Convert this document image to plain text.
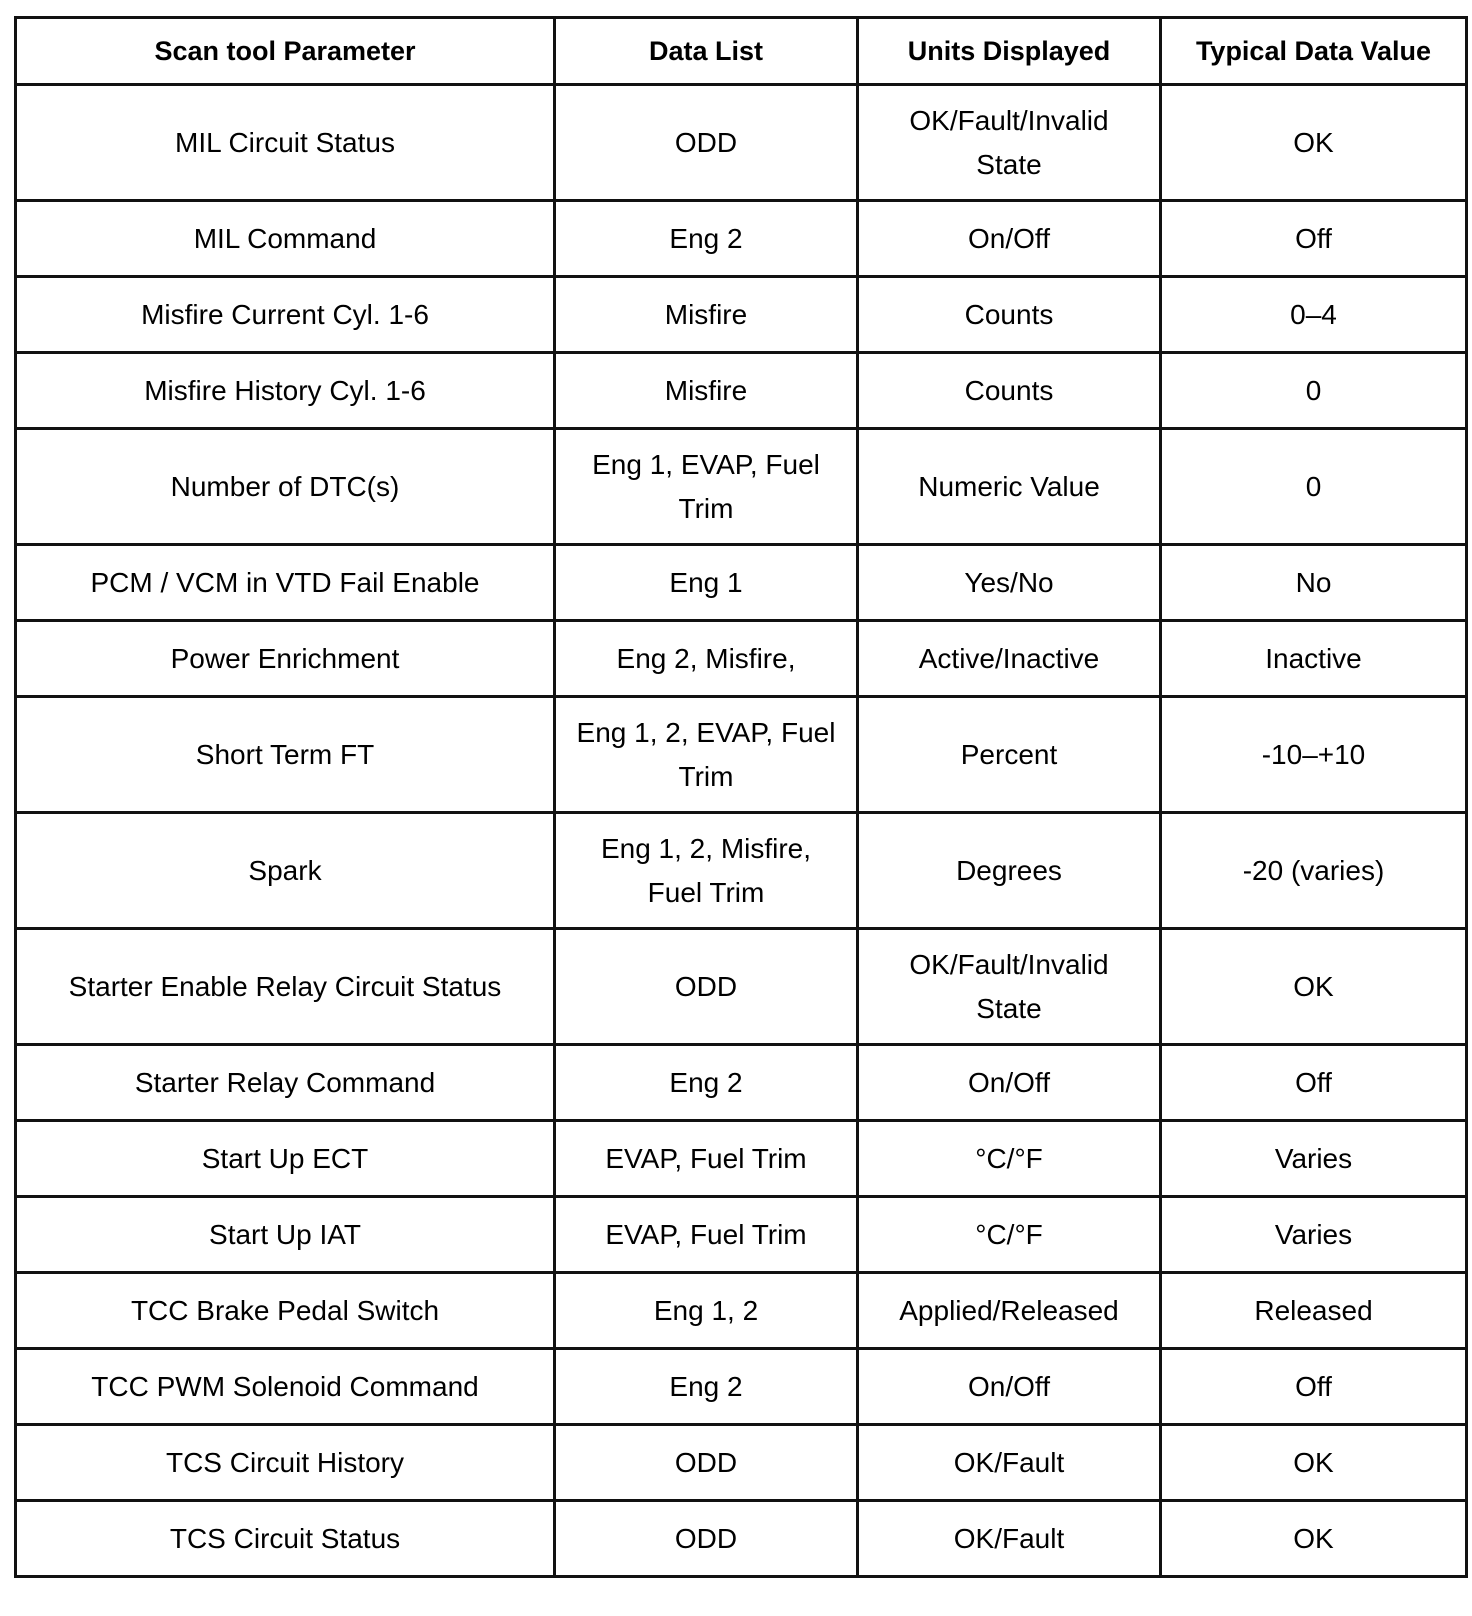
Scan tool Parameter	Data List	Units Displayed	Typical Data Value
MIL Circuit Status	ODD	OK/Fault/Invalid State	OK
MIL Command	Eng 2	On/Off	Off
Misfire Current Cyl. 1-6	Misfire	Counts	0–4
Misfire History Cyl. 1-6	Misfire	Counts	0
Number of DTC(s)	Eng 1, EVAP, Fuel Trim	Numeric Value	0
PCM / VCM in VTD Fail Enable	Eng 1	Yes/No	No
Power Enrichment	Eng 2, Misfire,	Active/Inactive	Inactive
Short Term FT	Eng 1, 2, EVAP, Fuel Trim	Percent	-10–+10
Spark	Eng 1, 2, Misfire, Fuel Trim	Degrees	-20 (varies)
Starter Enable Relay Circuit Status	ODD	OK/Fault/Invalid State	OK
Starter Relay Command	Eng 2	On/Off	Off
Start Up ECT	EVAP, Fuel Trim	°C/°F	Varies
Start Up IAT	EVAP, Fuel Trim	°C/°F	Varies
TCC Brake Pedal Switch	Eng 1, 2	Applied/Released	Released
TCC PWM Solenoid Command	Eng 2	On/Off	Off
TCS Circuit History	ODD	OK/Fault	OK
TCS Circuit Status	ODD	OK/Fault	OK
